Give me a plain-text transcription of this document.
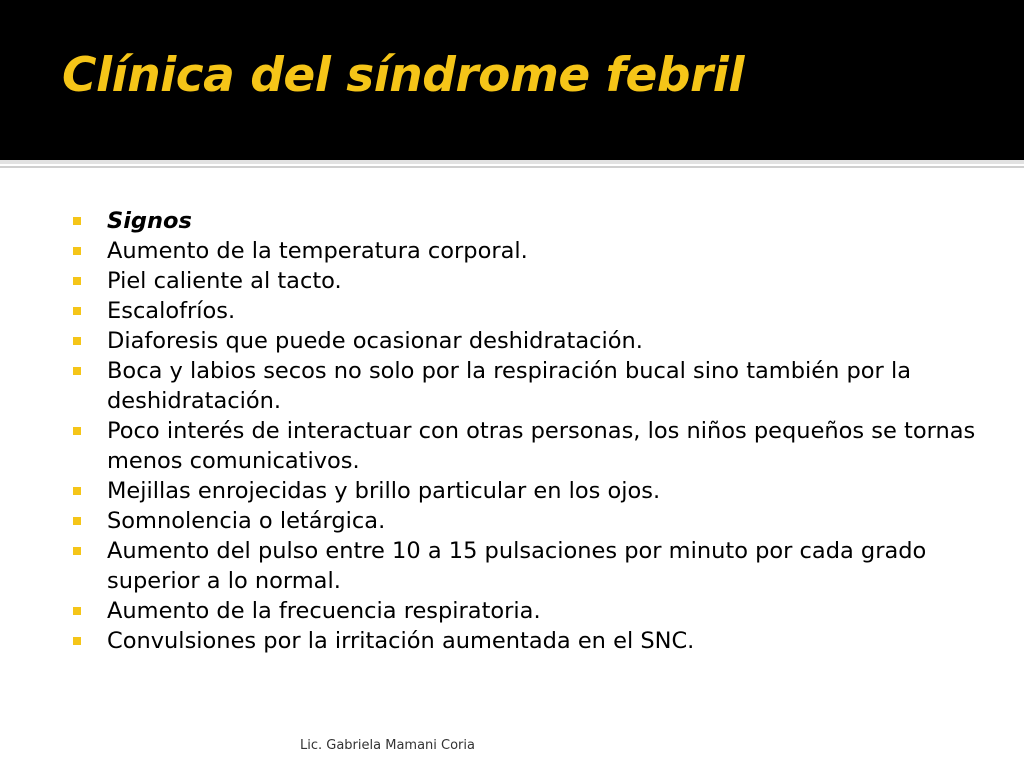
Clínica del síndrome febril
Signos
Aumento de la temperatura corporal.
Piel caliente al tacto.
Escalofríos.
Diaforesis que puede ocasionar deshidratación.
Boca y labios secos no solo por la respiración bucal sino también por la deshidratación.
Poco interés de interactuar con otras personas, los niños pequeños se tornas menos comunicativos.
Mejillas enrojecidas y brillo particular en los ojos.
Somnolencia o letárgica.
Aumento del pulso entre 10 a 15 pulsaciones por minuto por cada grado superior a lo normal.
Aumento de la frecuencia respiratoria.
Convulsiones por la irritación aumentada en el SNC.
Lic. Gabriela Mamani Coria
